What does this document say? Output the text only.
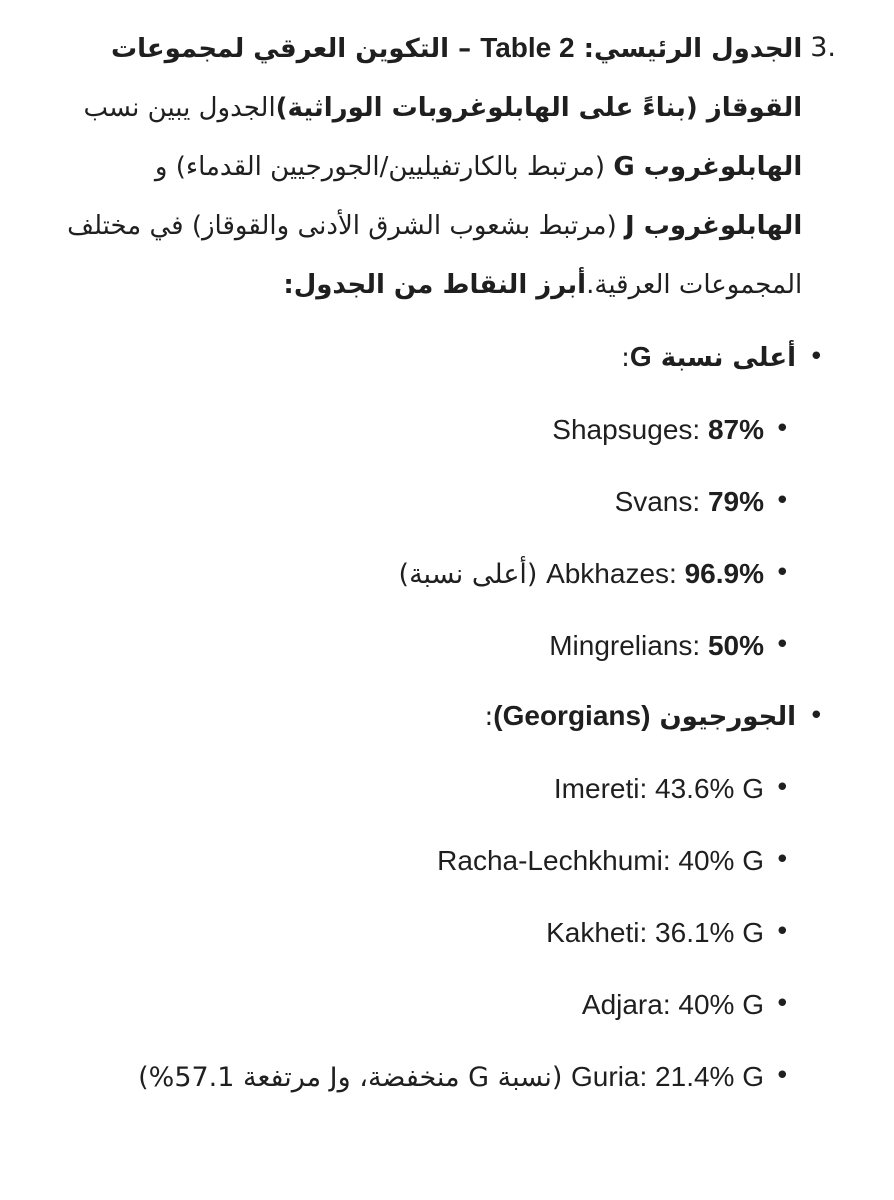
3.
الجدول الرئيسي: Table 2 – التكوين العرقي لمجموعات القوقاز (بناءً على الهابلوغروبات الوراثية)الجدول يبين نسب الهابلوغروب G (مرتبط بالكارتفيليين/الجورجيين القدماء) و الهابلوغروب J (مرتبط بشعوب الشرق الأدنى والقوقاز) في مختلف المجموعات العرقية.أبرز النقاط من الجدول:
•
أعلى نسبة G:
•
Shapsuges: 87%
•
Svans: 79%
•
Abkhazes: 96.9% (أعلى نسبة)
•
Mingrelians: 50%
•
الجورجيون (Georgians):
•
Imereti: 43.6% G
•
Racha-Lechkhumi: 40% G
•
Kakheti: 36.1% G
•
Adjara: 40% G
•
Guria: 21.4% G (نسبة G منخفضة، وJ مرتفعة 57.1%)
